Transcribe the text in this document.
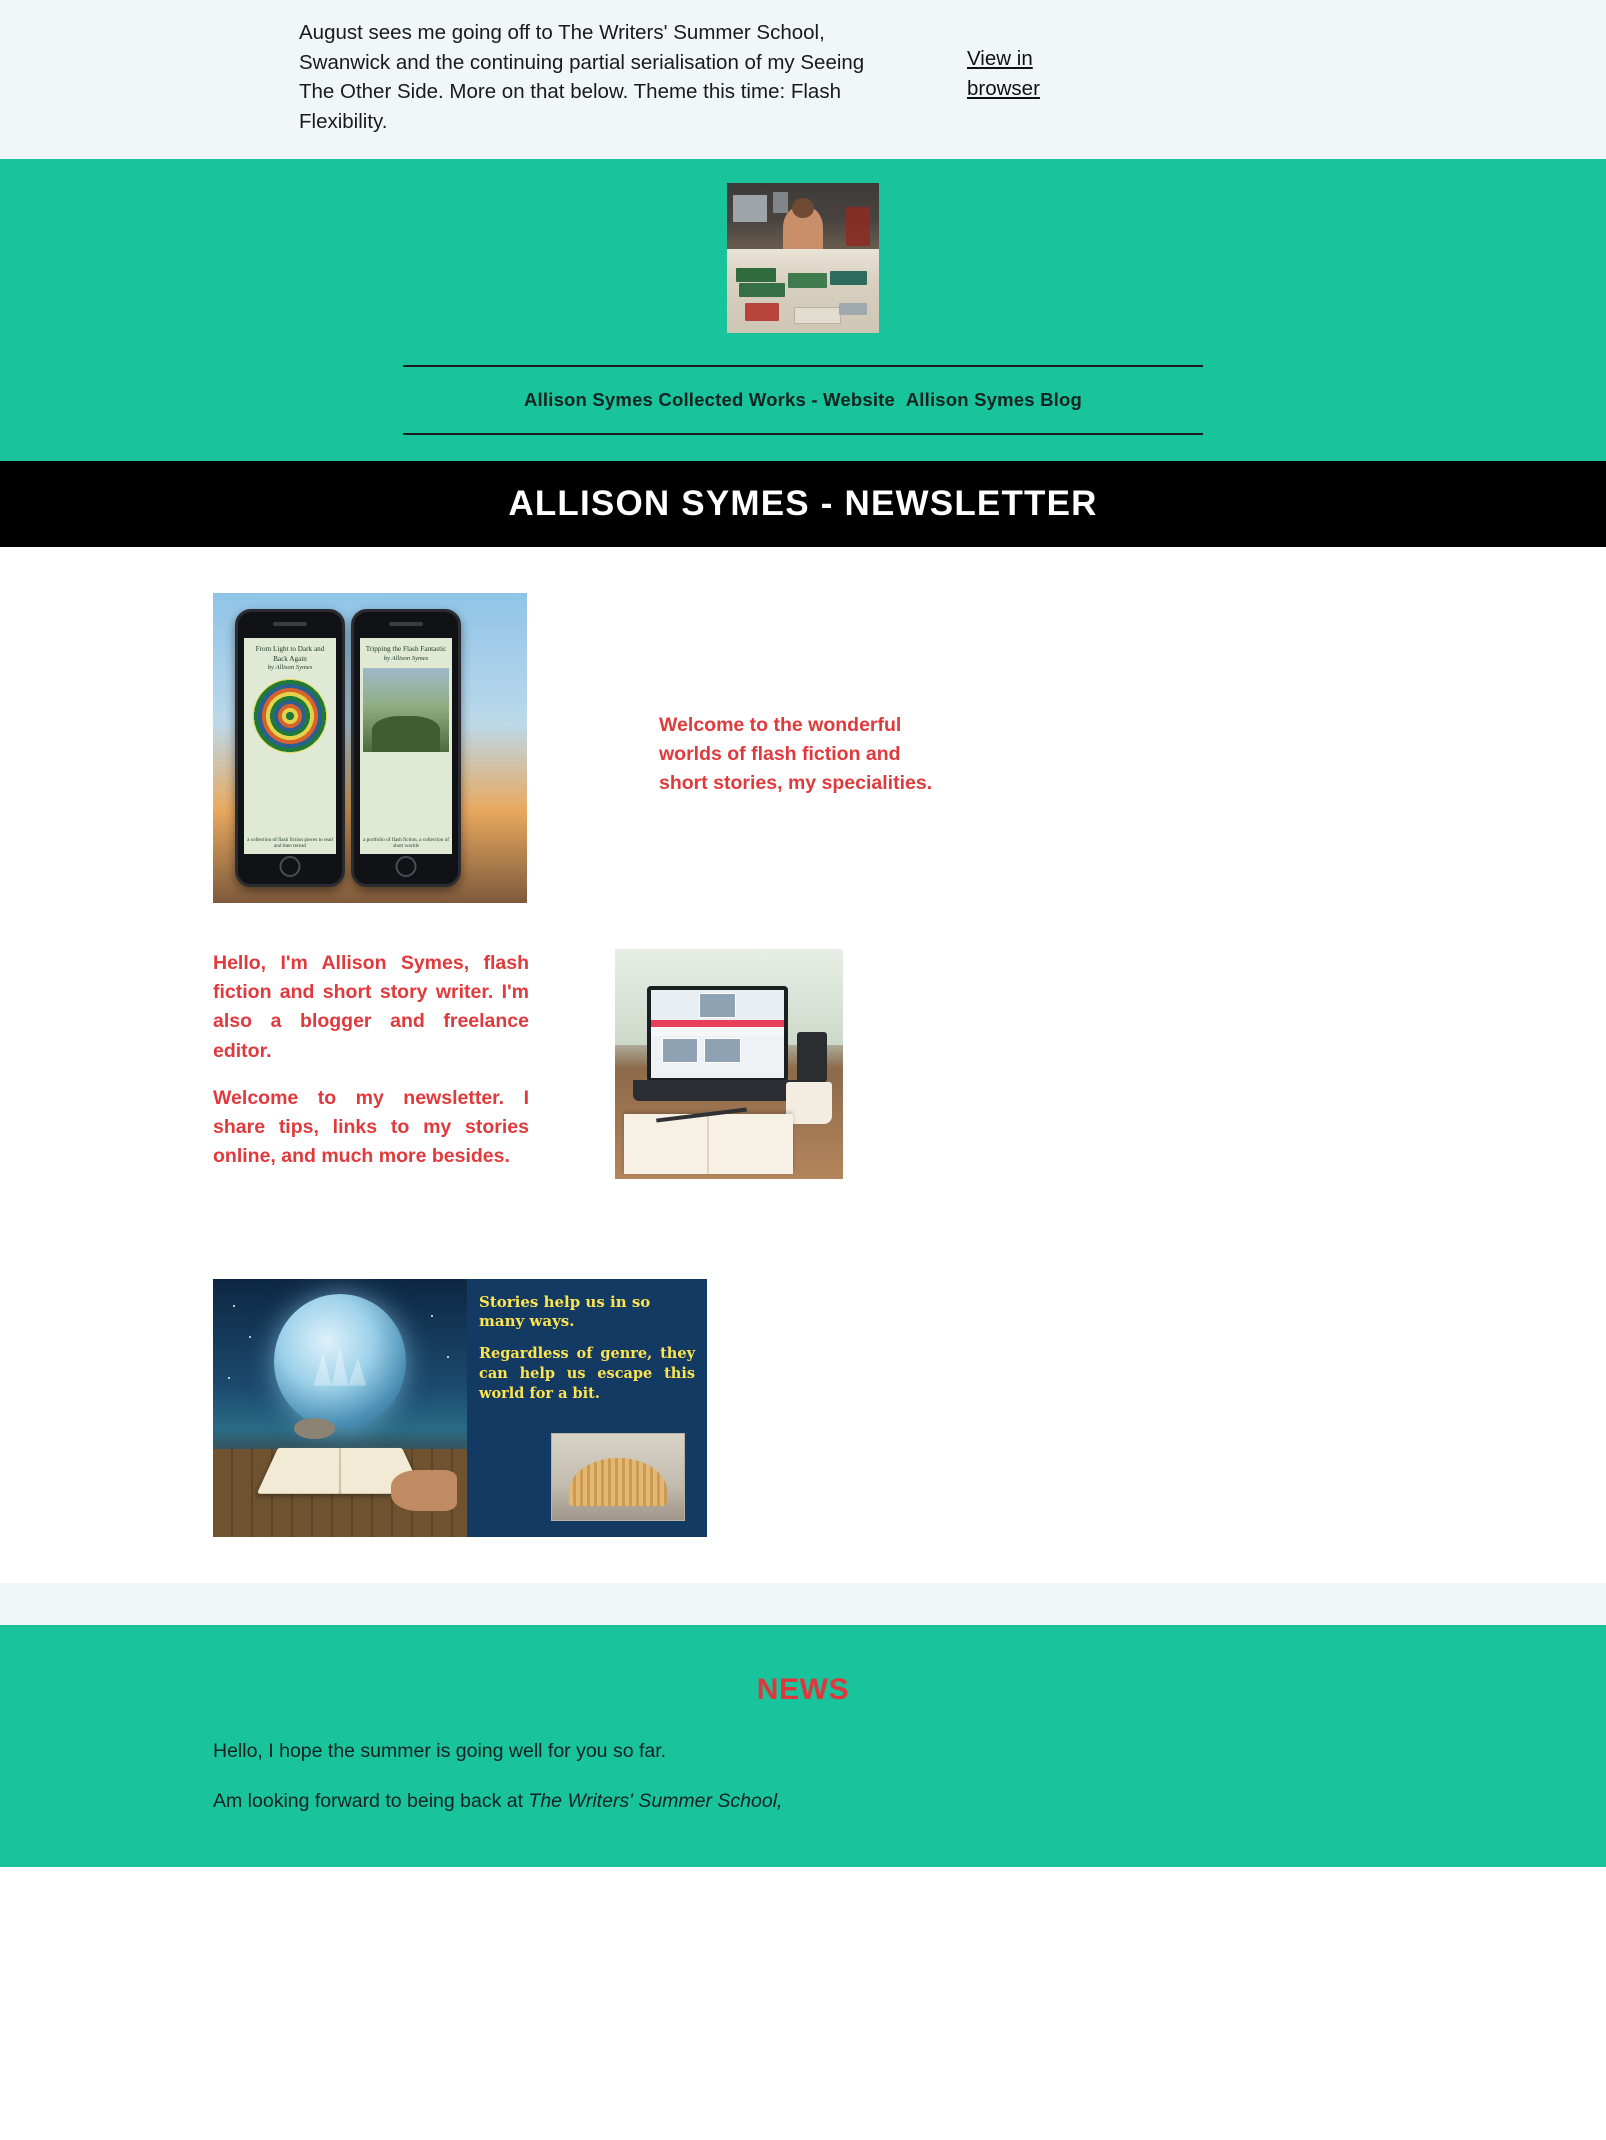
August sees me going off to The Writers' Summer School, Swanwick and the continuing partial serialisation of my Seeing The Other Side. More on that below. Theme this time: Flash Flexibility.
View in browser
Allison Symes Collected Works - Website Allison Symes Blog
ALLISON SYMES - NEWSLETTER
From Light to Dark and Back Again
by Allison Symes
a collection of flash fiction pieces to read and then reread
Tripping the Flash Fantastic
by Allison Symes
a portfolio of flash fiction, a collection of short worlds

Welcome to the wonderful worlds of flash fiction and short stories, my specialities.

Hello, I'm Allison Symes, flash fiction and short story writer. I'm also a blogger and freelance editor.

Welcome to my newsletter. I share tips, links to my stories online, and much more besides.

Stories help us in so many ways.

Regardless of genre, they can help us escape this world for a bit.

NEWS

Hello, I hope the summer is going well for you so far.

Am looking forward to being back at The Writers' Summer School,
